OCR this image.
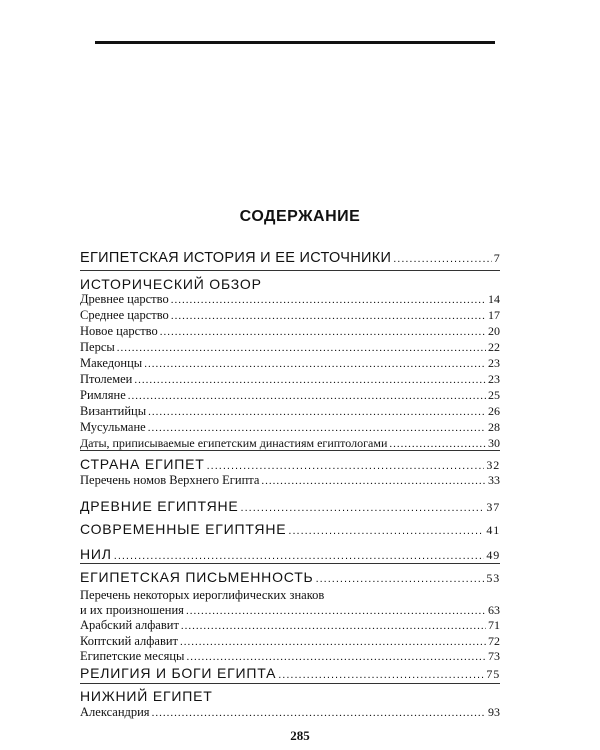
СОДЕРЖАНИЕ
ЕГИПЕТСКАЯ ИСТОРИЯ И ЕЕ ИСТОЧНИКИ .....	7
ИСТОРИЧЕСКИЙ ОБЗОР
Древнее царство .....	14
Среднее царство .....	17
Новое царство .....	20
Персы .....	22
Македонцы .....	23
Птолемеи .....	23
Римляне .....	25
Византийцы .....	26
Мусульмане .....	28
Даты, приписываемые египетским династиям египтологами .....	30
СТРАНА ЕГИПЕТ .....	32
Перечень номов Верхнего Египта .....	33
ДРЕВНИЕ ЕГИПТЯНЕ .....	37
СОВРЕМЕННЫЕ ЕГИПТЯНЕ .....	41
НИЛ .....	49
ЕГИПЕТСКАЯ ПИСЬМЕННОСТЬ .....	53
Перечень некоторых иероглифических знаков
и их произношения .....	63
Арабский алфавит .....	71
Коптский алфавит .....	72
Египетские месяцы .....	73
РЕЛИГИЯ И БОГИ ЕГИПТА .....	75
НИЖНИЙ ЕГИПЕТ
Александрия .....	93
285
